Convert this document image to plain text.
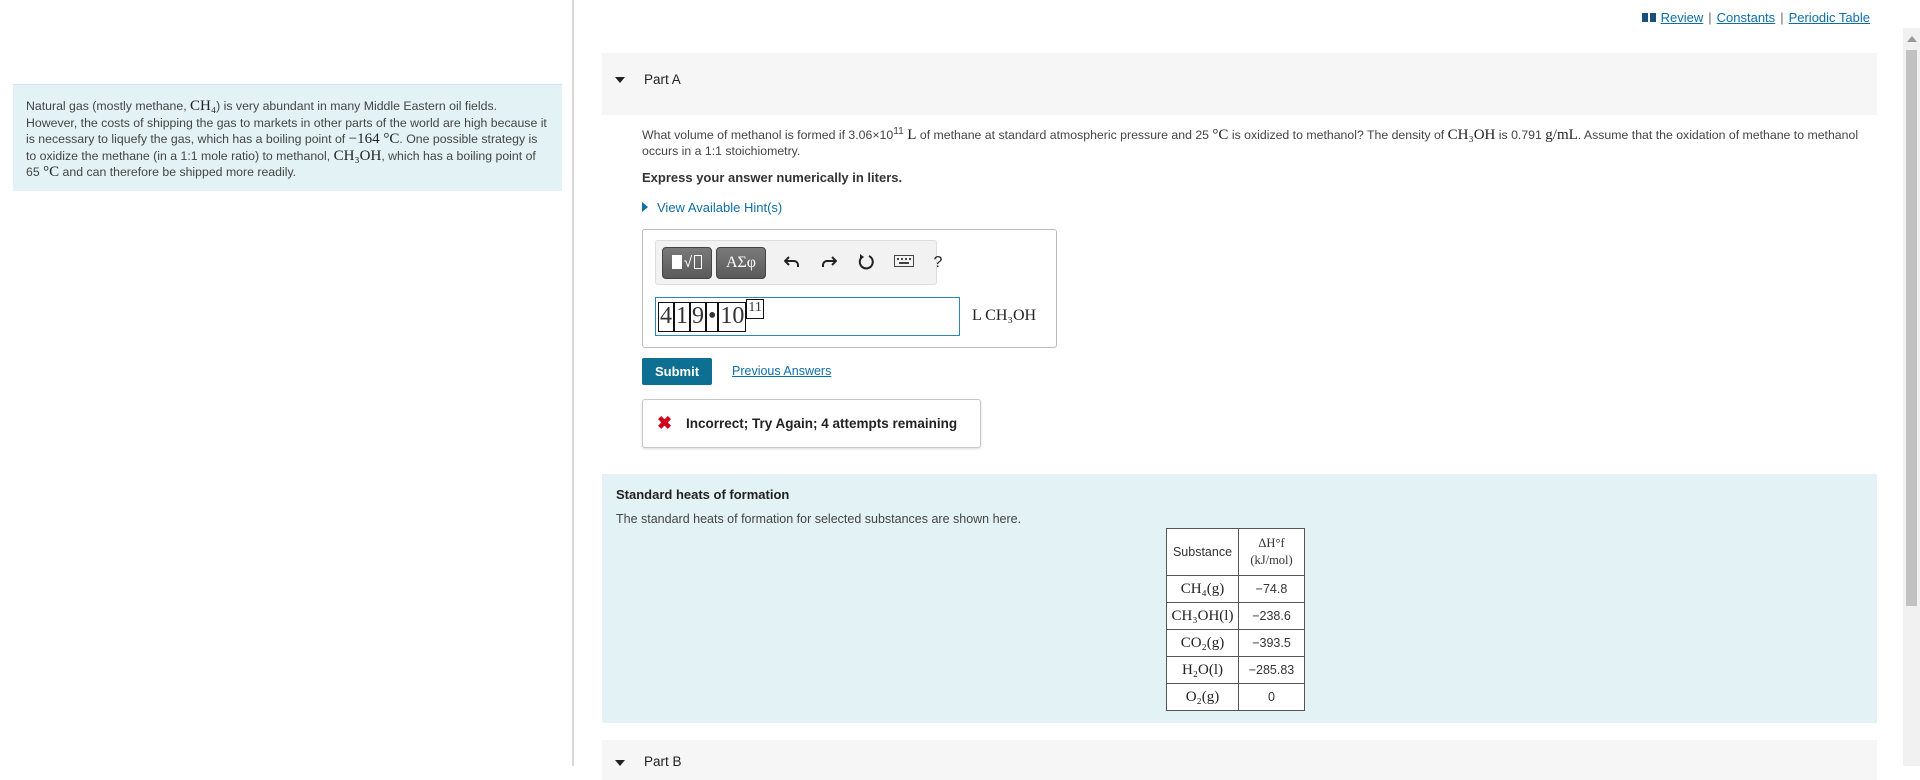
Natural gas (mostly methane, CH₄) is very abundant in many Middle Eastern oil fields. However, the costs of shipping the gas to markets in other parts of the world are high because it is necessary to liquefy the gas, which has a boiling point of −164 °C. One possible strategy is to oxidize the methane (in a 1:1 mole ratio) to methanol, CH₃OH, which has a boiling point of 65 °C and can therefore be shipped more readily.
Review | Constants | Periodic Table
Part A
What volume of methanol is formed if $3.06\times 10^{11}$ L of methane at standard atmospheric pressure and 25 °C is oxidized to methanol? The density of CH₃OH is 0.791 g/mL. Assume that the oxidation of methane to methanol occurs in a 1:1 stoichiometry.
Express your answer numerically in liters.
View Available Hint(s)
√	ΑΣφ	?
4 1 9 • 10 11	L CH₃OH
Submit	Previous Answers
✖ Incorrect; Try Again; 4 attempts remaining
Standard heats of formation
The standard heats of formation for selected substances are shown here.
Substance	ΔH°f
(kJ/mol)
CH₄(g)	−74.8
CH₃OH(l)	−238.6
CO₂(g)	−393.5
H₂O(l)	−285.83
O₂(g)	0
Part B
